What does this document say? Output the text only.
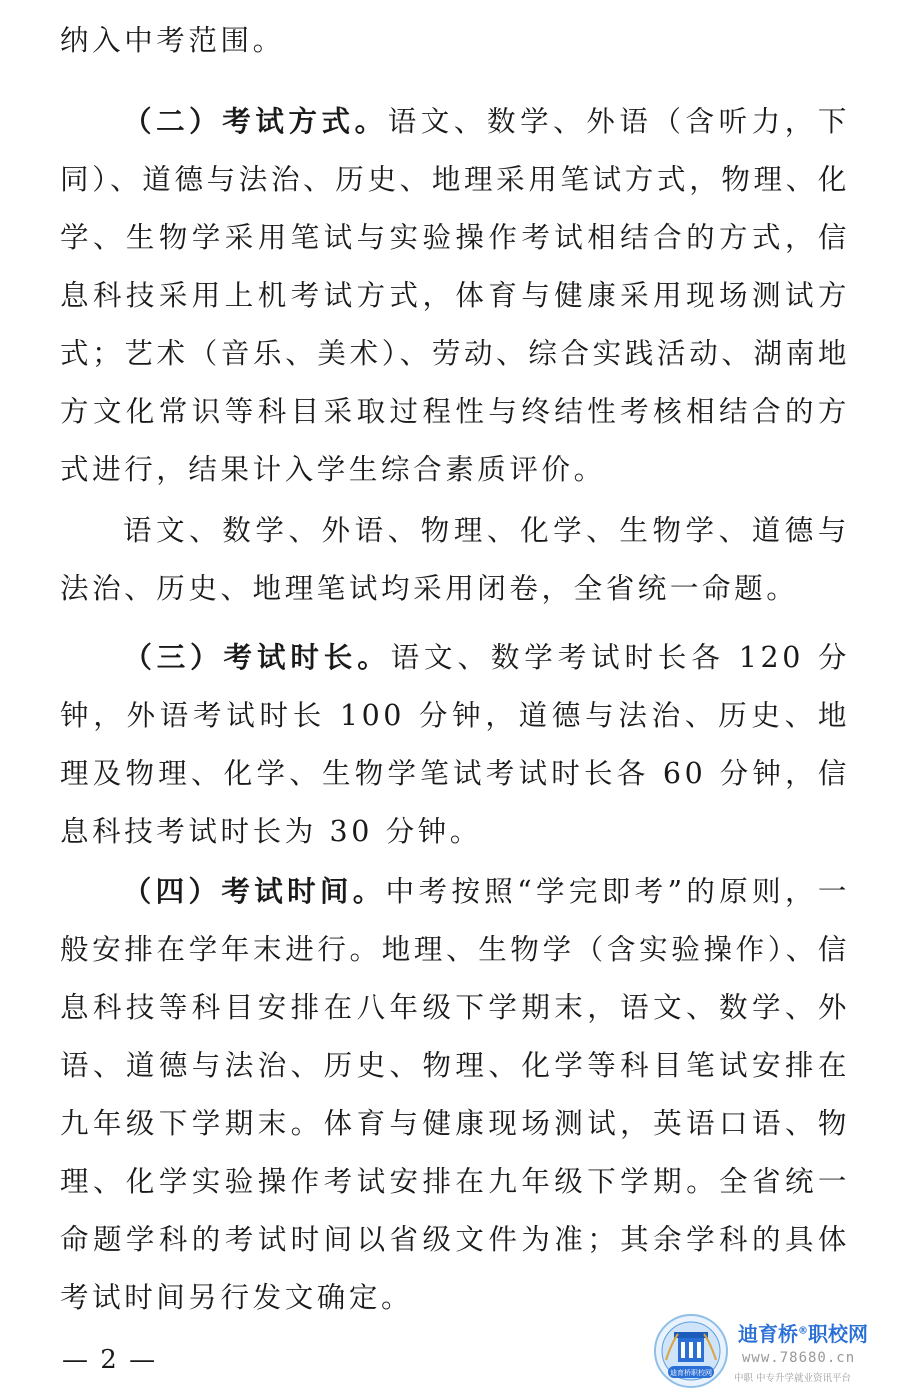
纳入中考范围。

（二）考试方式。语文、数学、外语（含听力，下同）、道德与法治、历史、地理采用笔试方式，物理、化学、生物学采用笔试与实验操作考试相结合的方式，信息科技采用上机考试方式，体育与健康采用现场测试方式；艺术（音乐、美术）、劳动、综合实践活动、湖南地方文化常识等科目采取过程性与终结性考核相结合的方式进行，结果计入学生综合素质评价。

语文、数学、外语、物理、化学、生物学、道德与法治、历史、地理笔试均采用闭卷，全省统一命题。

（三）考试时长。语文、数学考试时长各 120 分钟，外语考试时长 100 分钟，道德与法治、历史、地理及物理、化学、生物学笔试考试时长各 60 分钟，信息科技考试时长为 30 分钟。

（四）考试时间。中考按照“学完即考”的原则，一般安排在学年末进行。地理、生物学（含实验操作）、信息科技等科目安排在八年级下学期末，语文、数学、外语、道德与法治、历史、物理、化学等科目笔试安排在九年级下学期末。体育与健康现场测试，英语口语、物理、化学实验操作考试安排在九年级下学期。全省统一命题学科的考试时间以省级文件为准；其余学科的具体考试时间另行发文确定。

— 2 —	迪育桥职校网
迪育桥®职校网
www.78680.cn
中职 中专升学就业资讯平台
